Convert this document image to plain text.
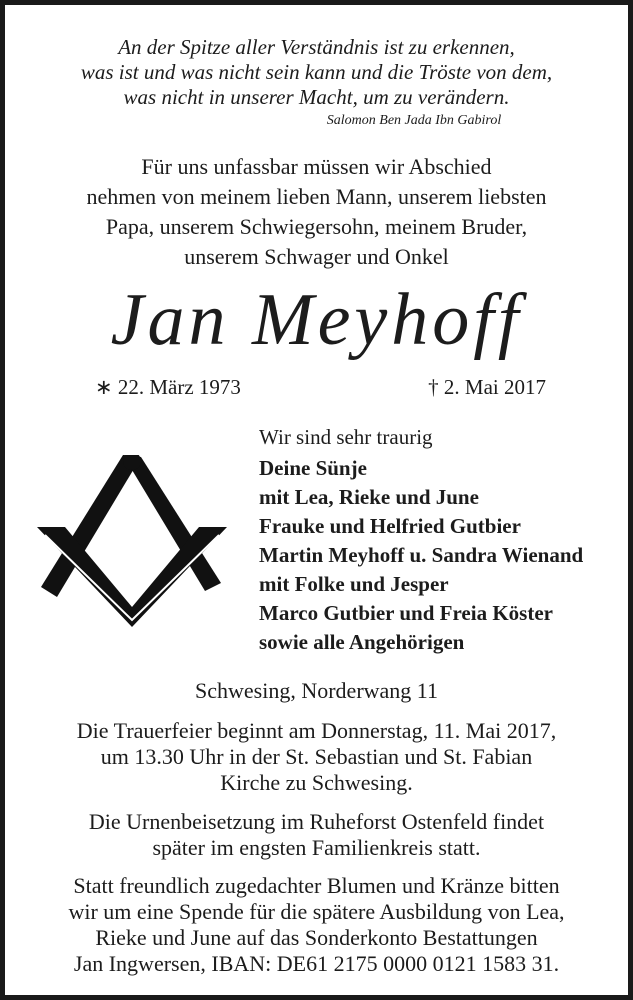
An der Spitze aller Verständnis ist zu erkennen,
was ist und was nicht sein kann und die Tröste von dem,
was nicht in unserer Macht, um zu verändern.
Salomon Ben Jada Ibn Gabirol
Für uns unfassbar müssen wir Abschied
nehmen von meinem lieben Mann, unserem liebsten
Papa, unserem Schwiegersohn, meinem Bruder,
unserem Schwager und Onkel
Jan Meyhoff
∗ 22. März 1973	† 2. Mai 2017
Wir sind sehr traurig
Deine Sünje
mit Lea, Rieke und June
Frauke und Helfried Gutbier
Martin Meyhoff u. Sandra Wienand
mit Folke und Jesper
Marco Gutbier und Freia Köster
sowie alle Angehörigen
Schwesing, Norderwang 11
Die Trauerfeier beginnt am Donnerstag, 11. Mai 2017,
um 13.30 Uhr in der St. Sebastian und St. Fabian
Kirche zu Schwesing.
Die Urnenbeisetzung im Ruheforst Ostenfeld findet
später im engsten Familienkreis statt.
Statt freundlich zugedachter Blumen und Kränze bitten
wir um eine Spende für die spätere Ausbildung von Lea,
Rieke und June auf das Sonderkonto Bestattungen
Jan Ingwersen, IBAN: DE61 2175 0000 0121 1583 31.
